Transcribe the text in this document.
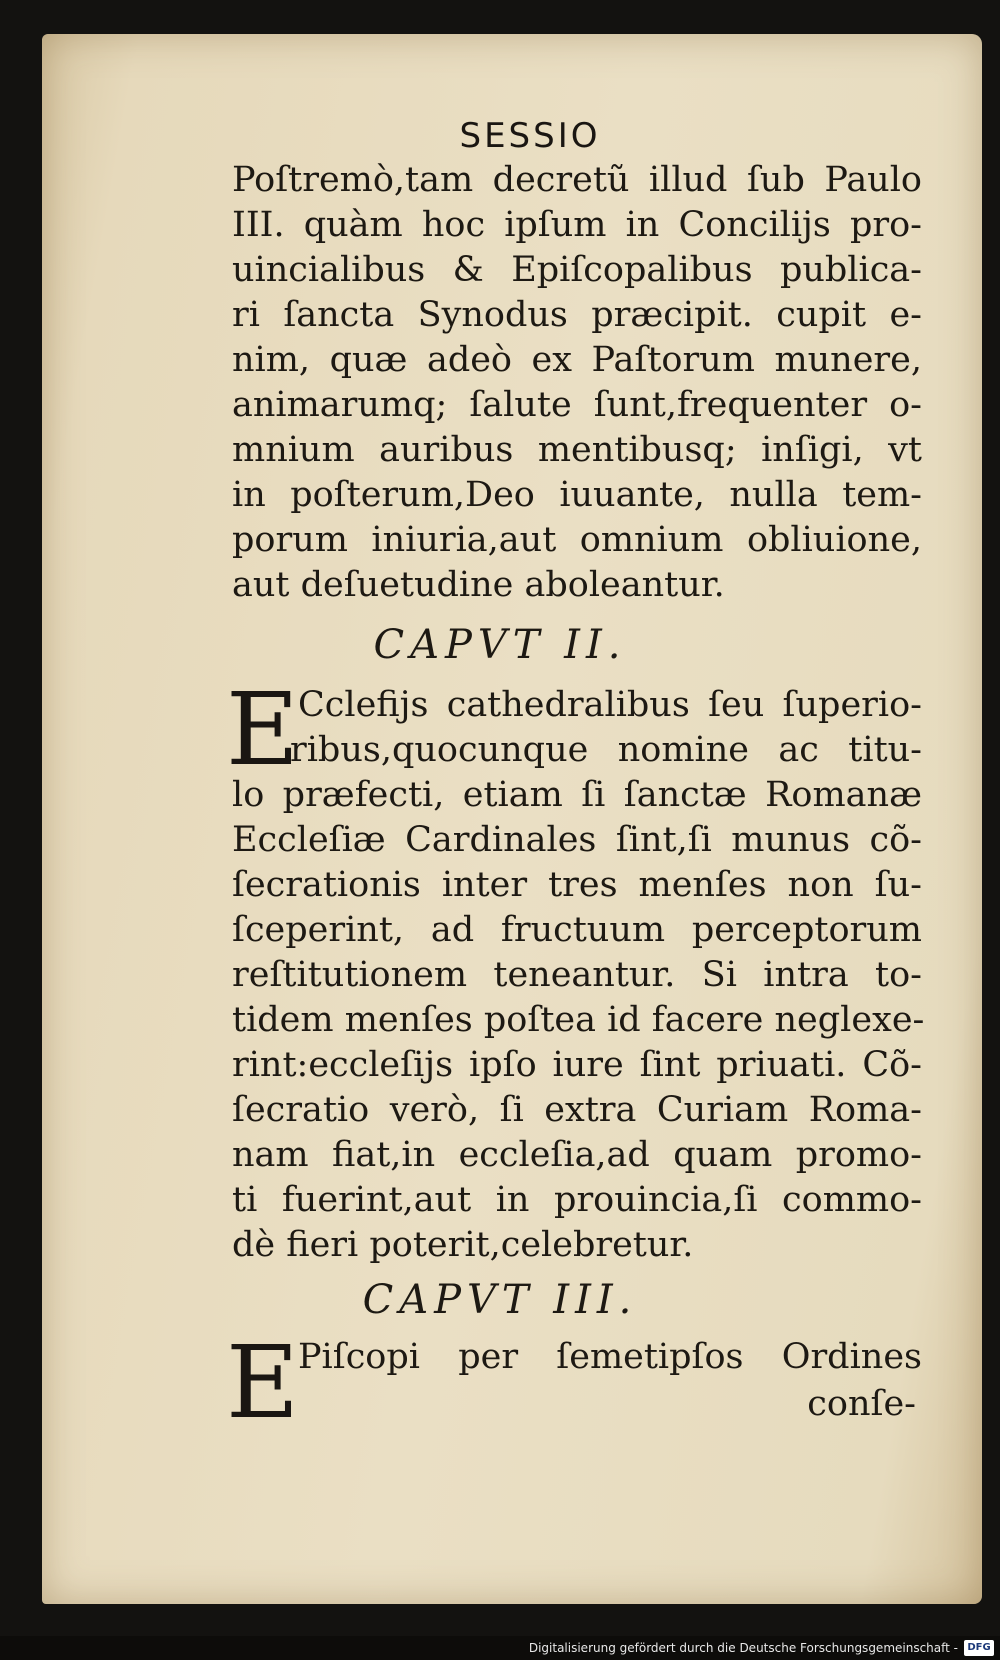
SESSIO
Poſtremò,tam decretũ illud ſub Paulo
III. quàm hoc ipſum in Concilijs pro-
uincialibus & Epiſcopalibus publica-
ri ſancta Synodus præcipit. cupit e-
nim, quæ adeò ex Paſtorum munere,
animarumq; ſalute ſunt,frequenter o-
mnium auribus mentibusq; inſigi, vt
in poſterum,Deo iuuante, nulla tem-
porum iniuria,aut omnium obliuione,
aut deſuetudine aboleantur.
CAPVT II.
E Cclefijs cathedralibus ſeu ſuperio-
ribus,quocunque nomine ac titu-
lo præfecti, etiam ſi ſanctæ Romanæ
Eccleſiæ Cardinales ſint,ſi munus cõ-
ſecrationis inter tres menſes non ſu-
ſceperint, ad fructuum perceptorum
reſtitutionem teneantur. Si intra to-
tidem menſes poſtea id facere neglexe-
rint:eccleſijs ipſo iure ſint priuati. Cõ-
ſecratio verò, ſi extra Curiam Roma-
nam fiat,in eccleſia,ad quam promo-
ti fuerint,aut in prouincia,ſi commo-
dè fieri poterit,celebretur.
CAPVT III.
E Piſcopi per ſemetipſos Ordines
conſe-
Digitalisierung gefördert durch die Deutsche Forschungsgemeinschaft - DFG
